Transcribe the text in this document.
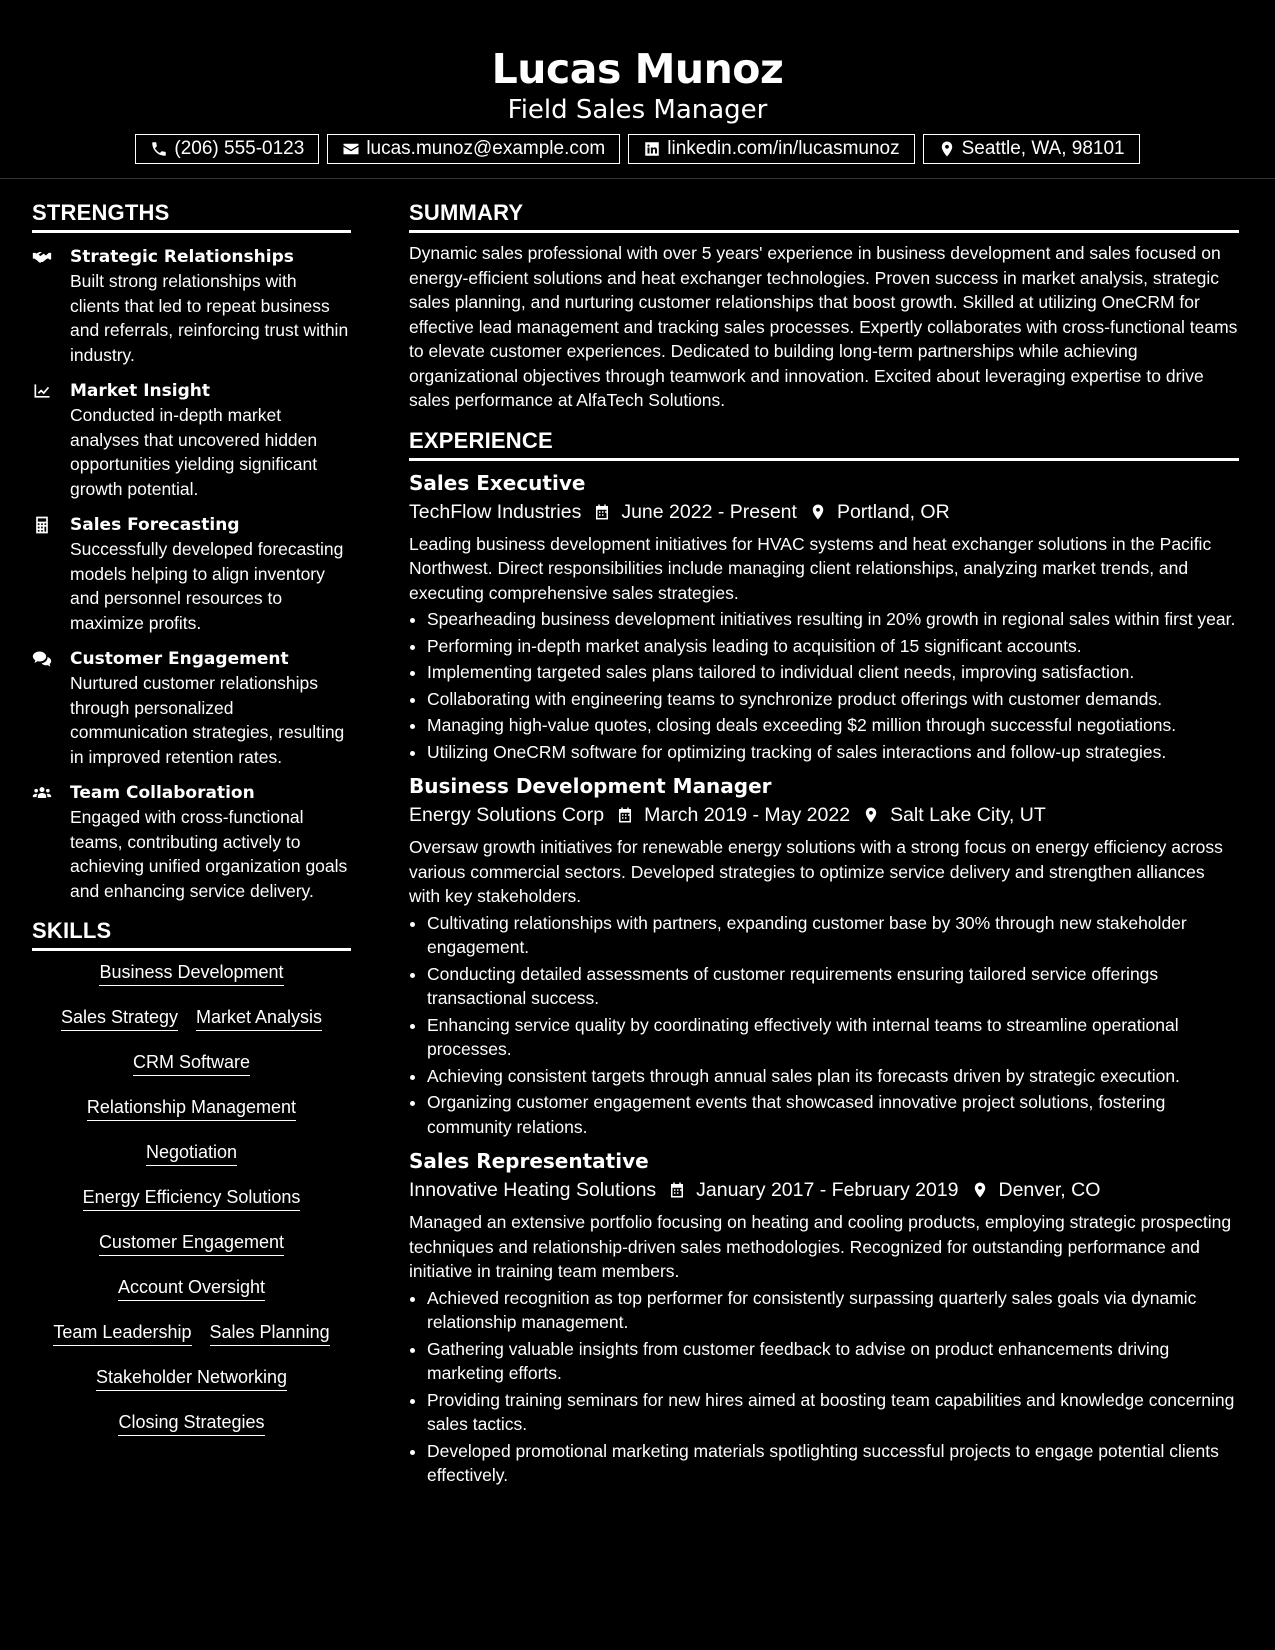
Lucas Munoz
Field Sales Manager
(206) 555-0123	lucas.munoz@example.com	linkedin.com/in/lucasmunoz	Seattle, WA, 98101
STRENGTHS
Strategic Relationships
Built strong relationships with clients that led to repeat business and referrals, reinforcing trust within industry.
Market Insight
Conducted in-depth market analyses that uncovered hidden opportunities yielding significant growth potential.
Sales Forecasting
Successfully developed forecasting models helping to align inventory and personnel resources to maximize profits.
Customer Engagement
Nurtured customer relationships through personalized communication strategies, resulting in improved retention rates.
Team Collaboration
Engaged with cross-functional teams, contributing actively to achieving unified organization goals and enhancing service delivery.
SKILLS
Business Development
Sales Strategy Market Analysis
CRM Software
Relationship Management
Negotiation
Energy Efficiency Solutions
Customer Engagement
Account Oversight
Team Leadership Sales Planning
Stakeholder Networking
Closing Strategies
SUMMARY
Dynamic sales professional with over 5 years' experience in business development and sales focused on energy-efficient solutions and heat exchanger technologies. Proven success in market analysis, strategic sales planning, and nurturing customer relationships that boost growth. Skilled at utilizing OneCRM for effective lead management and tracking sales processes. Expertly collaborates with cross-functional teams to elevate customer experiences. Dedicated to building long-term partnerships while achieving organizational objectives through teamwork and innovation. Excited about leveraging expertise to drive sales performance at AlfaTech Solutions.
EXPERIENCE
Sales Executive
TechFlow Industries June 2022 - Present Portland, OR
Leading business development initiatives for HVAC systems and heat exchanger solutions in the Pacific Northwest. Direct responsibilities include managing client relationships, analyzing market trends, and executing comprehensive sales strategies.
• Spearheading business development initiatives resulting in 20% growth in regional sales within first year.
• Performing in-depth market analysis leading to acquisition of 15 significant accounts.
• Implementing targeted sales plans tailored to individual client needs, improving satisfaction.
• Collaborating with engineering teams to synchronize product offerings with customer demands.
• Managing high-value quotes, closing deals exceeding $2 million through successful negotiations.
• Utilizing OneCRM software for optimizing tracking of sales interactions and follow-up strategies.
Business Development Manager
Energy Solutions Corp March 2019 - May 2022 Salt Lake City, UT
Oversaw growth initiatives for renewable energy solutions with a strong focus on energy efficiency across various commercial sectors. Developed strategies to optimize service delivery and strengthen alliances with key stakeholders.
• Cultivating relationships with partners, expanding customer base by 30% through new stakeholder engagement.
• Conducting detailed assessments of customer requirements ensuring tailored service offerings transactional success.
• Enhancing service quality by coordinating effectively with internal teams to streamline operational processes.
• Achieving consistent targets through annual sales plan its forecasts driven by strategic execution.
• Organizing customer engagement events that showcased innovative project solutions, fostering community relations.
Sales Representative
Innovative Heating Solutions January 2017 - February 2019 Denver, CO
Managed an extensive portfolio focusing on heating and cooling products, employing strategic prospecting techniques and relationship-driven sales methodologies. Recognized for outstanding performance and initiative in training team members.
• Achieved recognition as top performer for consistently surpassing quarterly sales goals via dynamic relationship management.
• Gathering valuable insights from customer feedback to advise on product enhancements driving marketing efforts.
• Providing training seminars for new hires aimed at boosting team capabilities and knowledge concerning sales tactics.
• Developed promotional marketing materials spotlighting successful projects to engage potential clients effectively.
